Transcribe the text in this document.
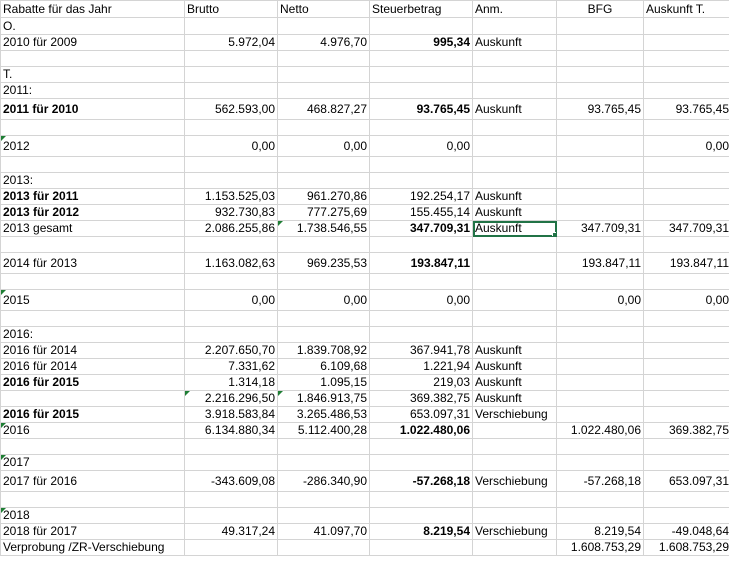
Rabatte für das Jahr	Brutto	Netto	Steuerbetrag	Anm.	BFG	Auskunft T.
O.						
2010 für 2009	5.972,04	4.976,70	995,34	Auskunft		

T.						
2011:						
2011 für 2010	562.593,00	468.827,27	93.765,45	Auskunft	93.765,45	93.765,45

2012	0,00	0,00	0,00			0,00

2013:						
2013 für 2011	1.153.525,03	961.270,86	192.254,17	Auskunft		
2013 für 2012	932.730,83	777.275,69	155.455,14	Auskunft		
2013 gesamt	2.086.255,86	1.738.546,55	347.709,31	Auskunft	347.709,31	347.709,31

2014 für 2013	1.163.082,63	969.235,53	193.847,11		193.847,11	193.847,11

2015	0,00	0,00	0,00		0,00	0,00

2016:						
2016 für 2014	2.207.650,70	1.839.708,92	367.941,78	Auskunft		
2016 für 2014	7.331,62	6.109,68	1.221,94	Auskunft		
2016 für 2015	1.314,18	1.095,15	219,03	Auskunft		
	2.216.296,50	1.846.913,75	369.382,75	Auskunft		
2016 für 2015	3.918.583,84	3.265.486,53	653.097,31	Verschiebung		
2016	6.134.880,34	5.112.400,28	1.022.480,06		1.022.480,06	369.382,75

2017						
2017 für 2016	-343.609,08	-286.340,90	-57.268,18	Verschiebung	-57.268,18	653.097,31

2018						
2018 für 2017	49.317,24	41.097,70	8.219,54	Verschiebung	8.219,54	-49.048,64
Verprobung /ZR-Verschiebung					1.608.753,29	1.608.753,29
